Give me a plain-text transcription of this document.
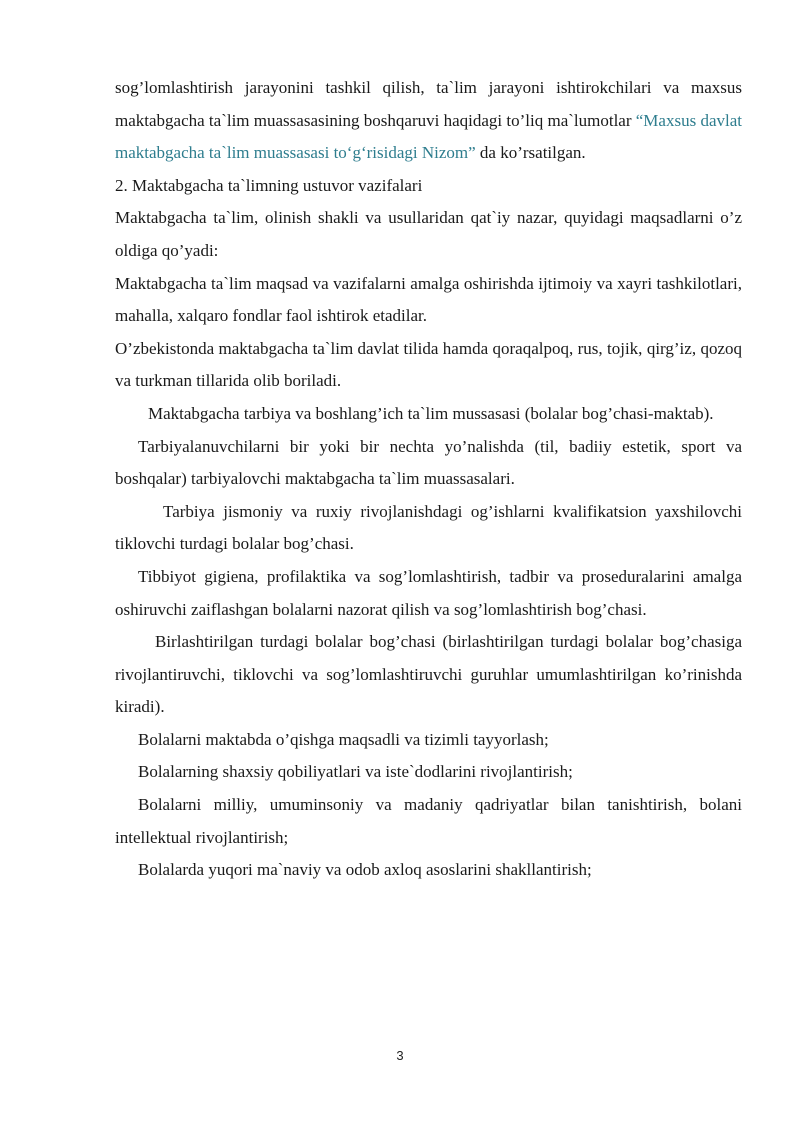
sog’lomlashtirish jarayonini tashkil qilish, ta`lim jarayoni ishtirokchilari va maxsus maktabgacha ta`lim muassasasining boshqaruvi haqidagi to’liq ma`lumotlar “Maxsus davlat maktabgacha ta`lim muassasasi to‘g‘risidagi Nizom” da ko’rsatilgan.

2. Maktabgacha ta`limning ustuvor vazifalari

Maktabgacha ta`lim, olinish shakli va usullaridan qat`iy nazar, quyidagi maqsadlarni o’z oldiga qo’yadi:

Maktabgacha ta`lim maqsad va vazifalarni amalga oshirishda ijtimoiy va xayri tashkilotlari, mahalla, xalqaro fondlar faol ishtirok etadilar.

O’zbekistonda maktabgacha ta`lim davlat tilida hamda qoraqalpoq, rus, tojik, qirg’iz, qozoq va turkman tillarida olib boriladi.

Maktabgacha tarbiya va boshlang’ich ta`lim mussasasi (bolalar bog’chasi-maktab).

Tarbiyalanuvchilarni bir yoki bir nechta yo’nalishda (til, badiiy estetik, sport va boshqalar) tarbiyalovchi maktabgacha ta`lim muassasalari.

Tarbiya jismoniy va ruxiy rivojlanishdagi og’ishlarni kvalifikatsion yaxshilovchi tiklovchi turdagi bolalar bog’chasi.

Tibbiyot gigiena, profilaktika va sog’lomlashtirish, tadbir va proseduralarini amalga oshiruvchi zaiflashgan bolalarni nazorat qilish va sog’lomlashtirish bog’chasi.

Birlashtirilgan turdagi bolalar bog’chasi (birlashtirilgan turdagi bolalar bog’chasiga rivojlantiruvchi, tiklovchi va sog’lomlashtiruvchi guruhlar umumlashtirilgan ko’rinishda kiradi).

Bolalarni maktabda o’qishga maqsadli va tizimli tayyorlash;

Bolalarning shaxsiy qobiliyatlari va iste`dodlarini rivojlantirish;

Bolalarni milliy, umuminsoniy va madaniy qadriyatlar bilan tanishtirish, bolani intellektual rivojlantirish;

Bolalarda yuqori ma`naviy va odob axloq asoslarini shakllantirish;

3
